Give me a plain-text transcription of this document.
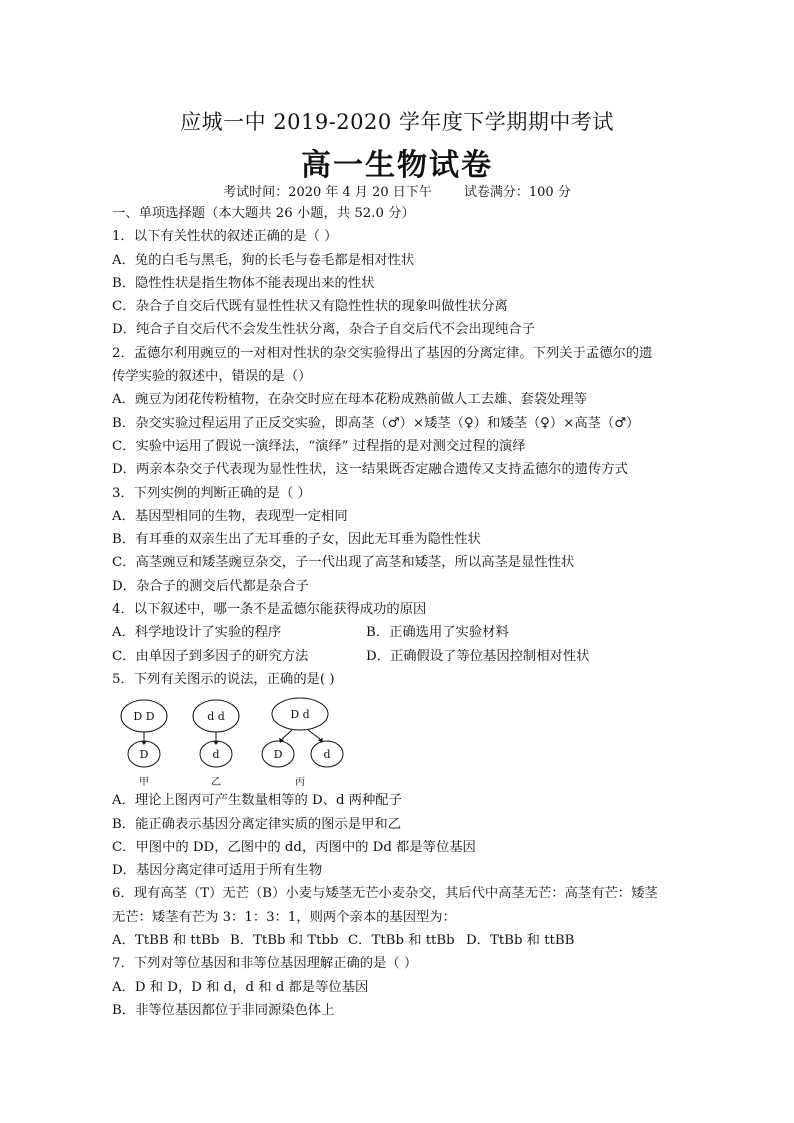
应城一中 2019-2020 学年度下学期期中考试
高一生物试卷
考试时间：2020 年 4 月 20 日下午 试卷满分：100 分
一、单项选择题（本大题共 26 小题，共 52.0 分）
1．以下有关性状的叙述正确的是（ ）
A．兔的白毛与黑毛，狗的长毛与卷毛都是相对性状
B．隐性性状是指生物体不能表现出来的性状
C．杂合子自交后代既有显性性状又有隐性性状的现象叫做性状分离
D．纯合子自交后代不会发生性状分离，杂合子自交后代不会出现纯合子
2．孟德尔利用豌豆的一对相对性状的杂交实验得出了基因的分离定律。下列关于孟德尔的遗
传学实验的叙述中，错误的是（）
A．豌豆为闭花传粉植物，在杂交时应在母本花粉成熟前做人工去雄、套袋处理等
B．杂交实验过程运用了正反交实验，即高茎（♂）×矮茎（♀）和矮茎（♀）×高茎（♂）
C．实验中运用了假说一演绎法，“演绎” 过程指的是对测交过程的演绎
D．两亲本杂交子代表现为显性性状，这一结果既否定融合遗传又支持孟德尔的遗传方式
3．下列实例的判断正确的是（ ）
A．基因型相同的生物，表现型一定相同
B．有耳垂的双亲生出了无耳垂的子女，因此无耳垂为隐性性状
C．高茎豌豆和矮茎豌豆杂交，子一代出现了高茎和矮茎，所以高茎是显性性状
D．杂合子的测交后代都是杂合子
4．以下叙述中，哪一条不是孟德尔能获得成功的原因
A．科学地设计了实验的程序	B．正确选用了实验材料
C．由单因子到多因子的研究方法	D．正确假设了等位基因控制相对性状
5．下列有关图示的说法，正确的是( )
D D
D
甲
d d
d
乙
D d
D	d
丙
A．理论上图丙可产生数量相等的 D、d 两种配子
B．能正确表示基因分离定律实质的图示是甲和乙
C．甲图中的 DD，乙图中的 dd，丙图中的 Dd 都是等位基因
D．基因分离定律可适用于所有生物
6．现有高茎（T）无芒（B）小麦与矮茎无芒小麦杂交，其后代中高茎无芒：高茎有芒：矮茎
无芒：矮茎有芒为 3：1：3：1，则两个亲本的基因型为：
A．TtBB 和 ttBb B．TtBb 和 Ttbb C．TtBb 和 ttBb D．TtBb 和 ttBB
7．下列对等位基因和非等位基因理解正确的是（ ）
A．D 和 D，D 和 d，d 和 d 都是等位基因
B．非等位基因都位于非同源染色体上
